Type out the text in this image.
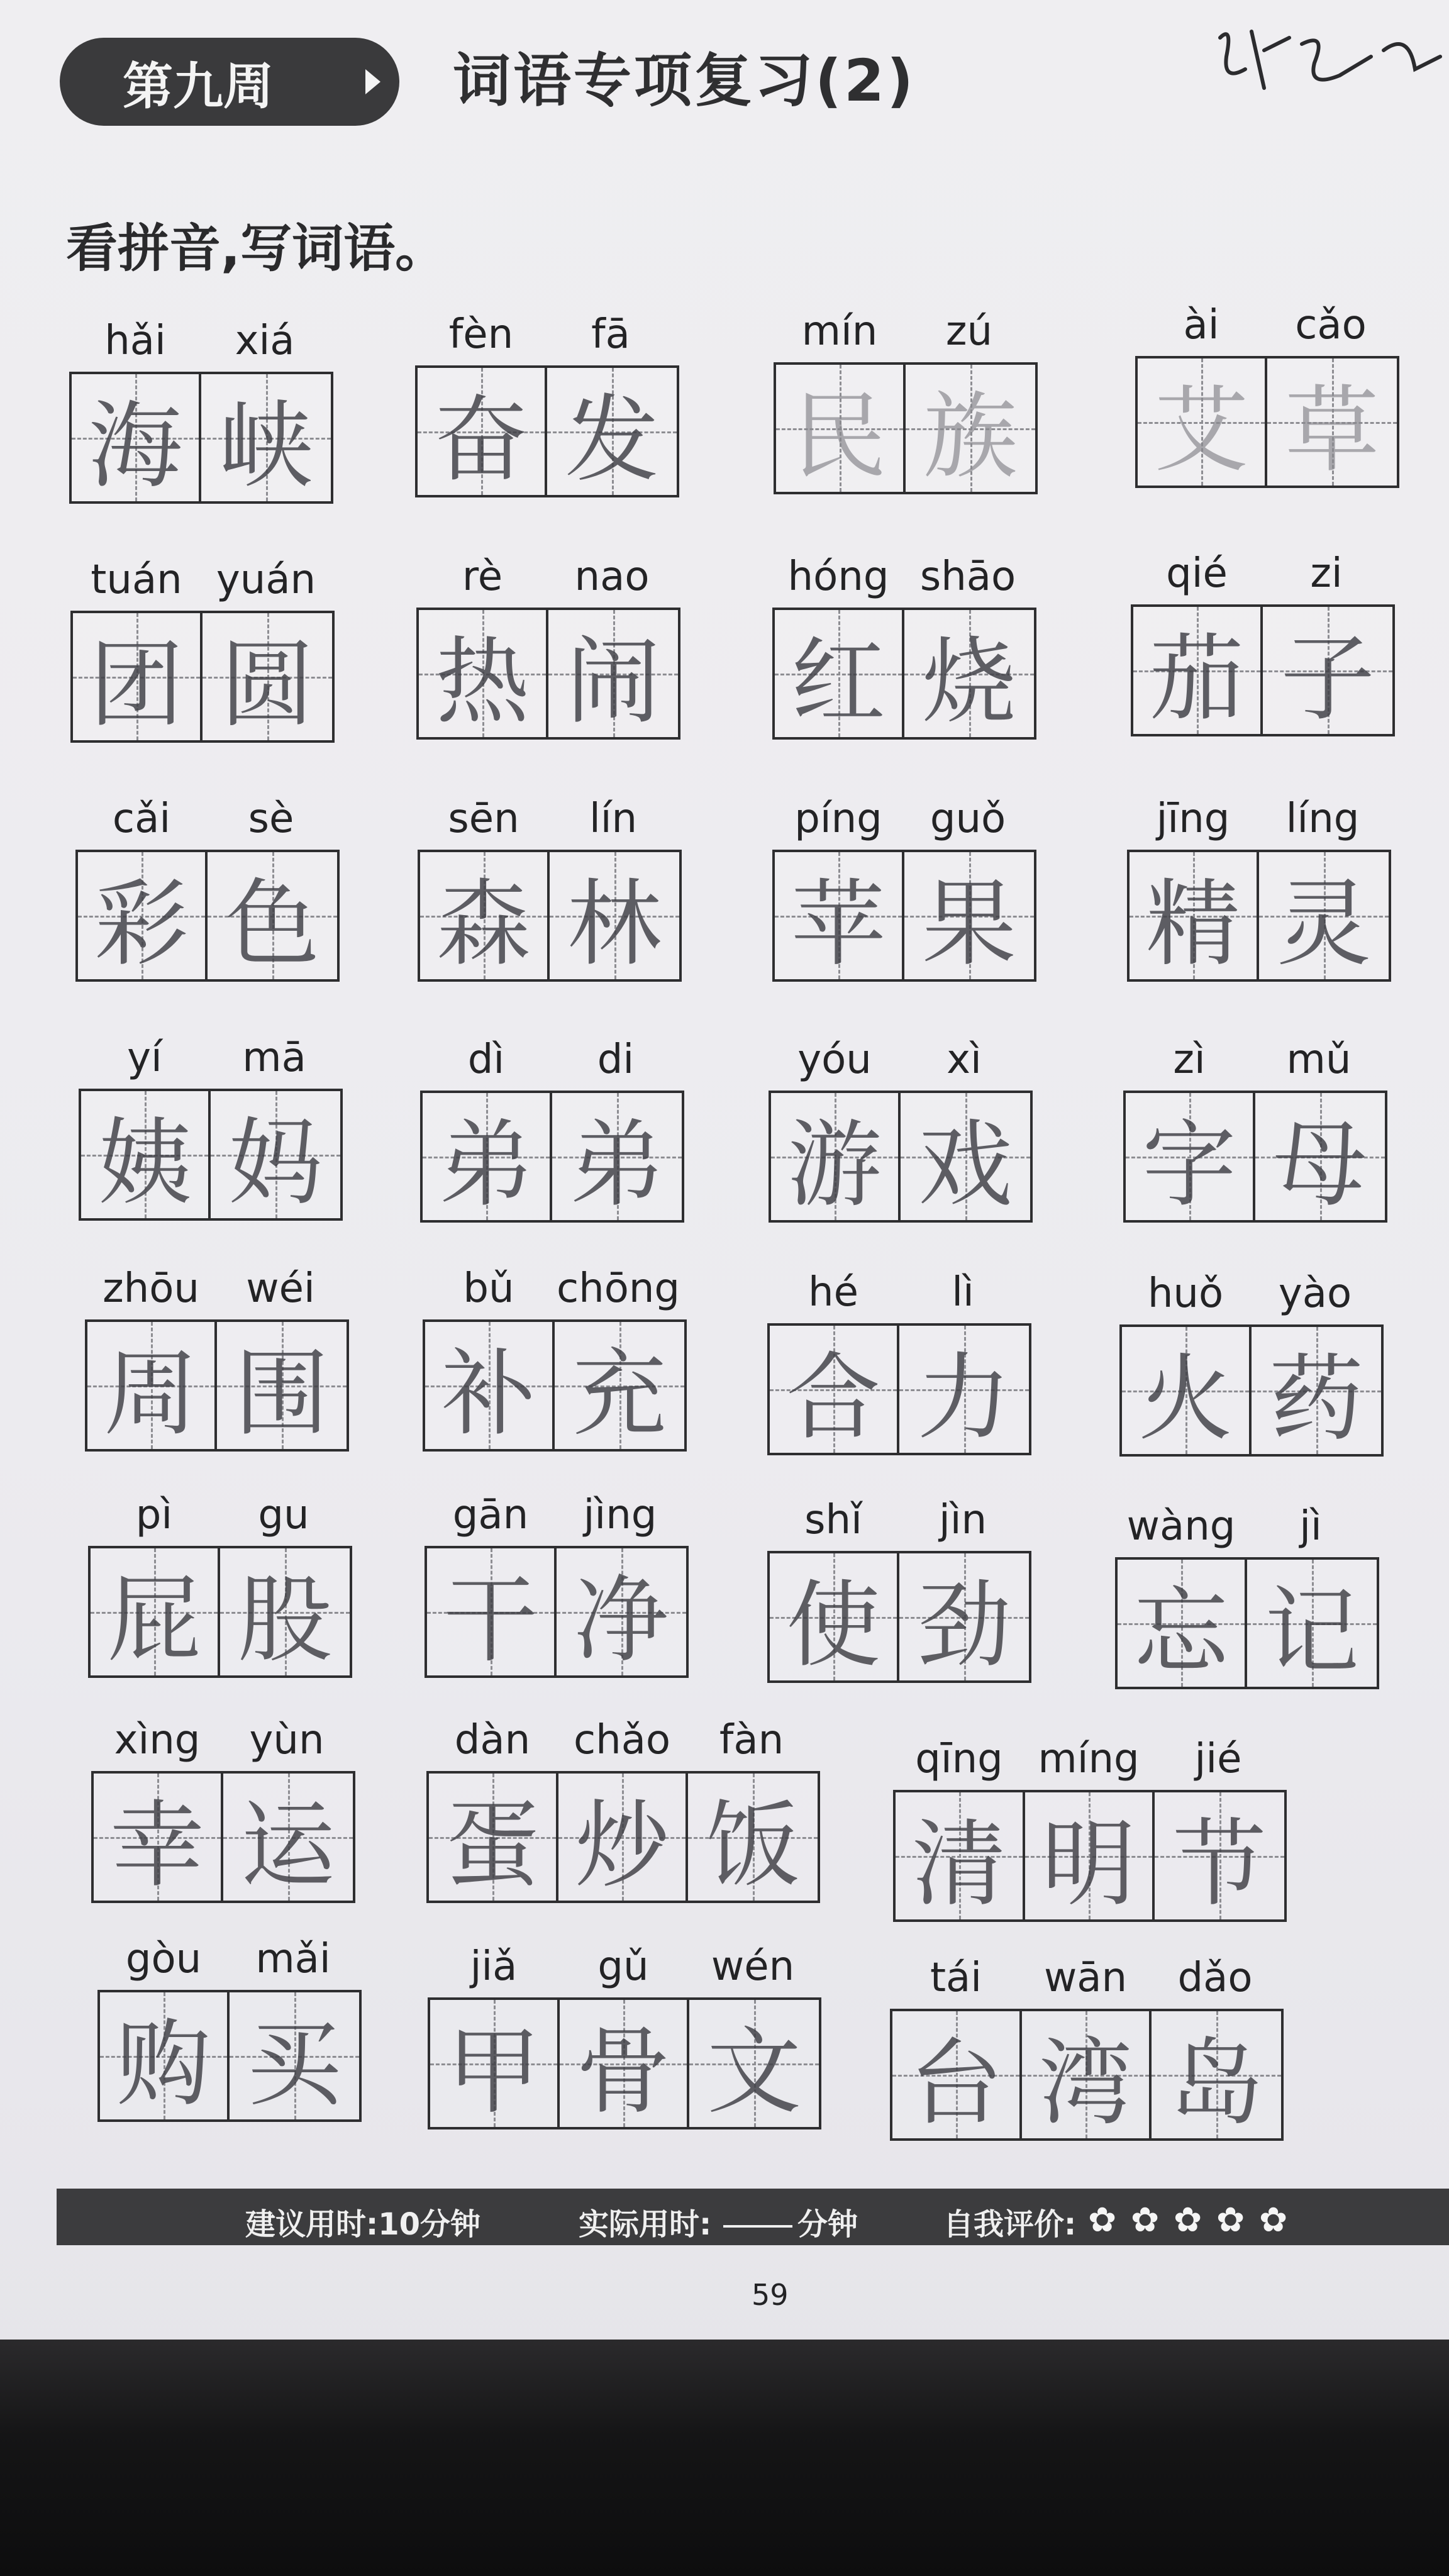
第九周	词语专项复习(2)
看拼音,写词语。
hǎi	xiá
海 峡
fèn	fā
奋 发
mín	zú
民 族
ài	cǎo
艾 草
tuán yuán
团 圆
rè	nao
热 闹
hóng shāo
红 烧
qié	zi
茄 子
cǎi	sè
彩 色
sēn	lín
森 林
píng	guǒ
苹 果
jīng	líng
精 灵
yí	mā
姨 妈
dì	di
弟 弟
yóu	xì
游 戏
zì	mǔ
字 母
zhōu	wéi
周 围
bǔ	chōng
补 充
hé	lì
合 力
huǒ	yào
火 药
pì	gu
屁 股
gān	jìng
干 净
shǐ	jìn
使 劲
wàng	jì
忘 记
xìng	yùn
幸 运
dàn	chǎo	fàn
蛋 炒 饭
qīng míng	jié
清 明 节
gòu	mǎi
购 买
jiǎ	gǔ	wén
甲 骨 文
tái	wān	dǎo
台 湾 岛
建议用时:10分钟	实际用时:	分钟	自我评价: ✿ ✿ ✿ ✿ ✿
59
